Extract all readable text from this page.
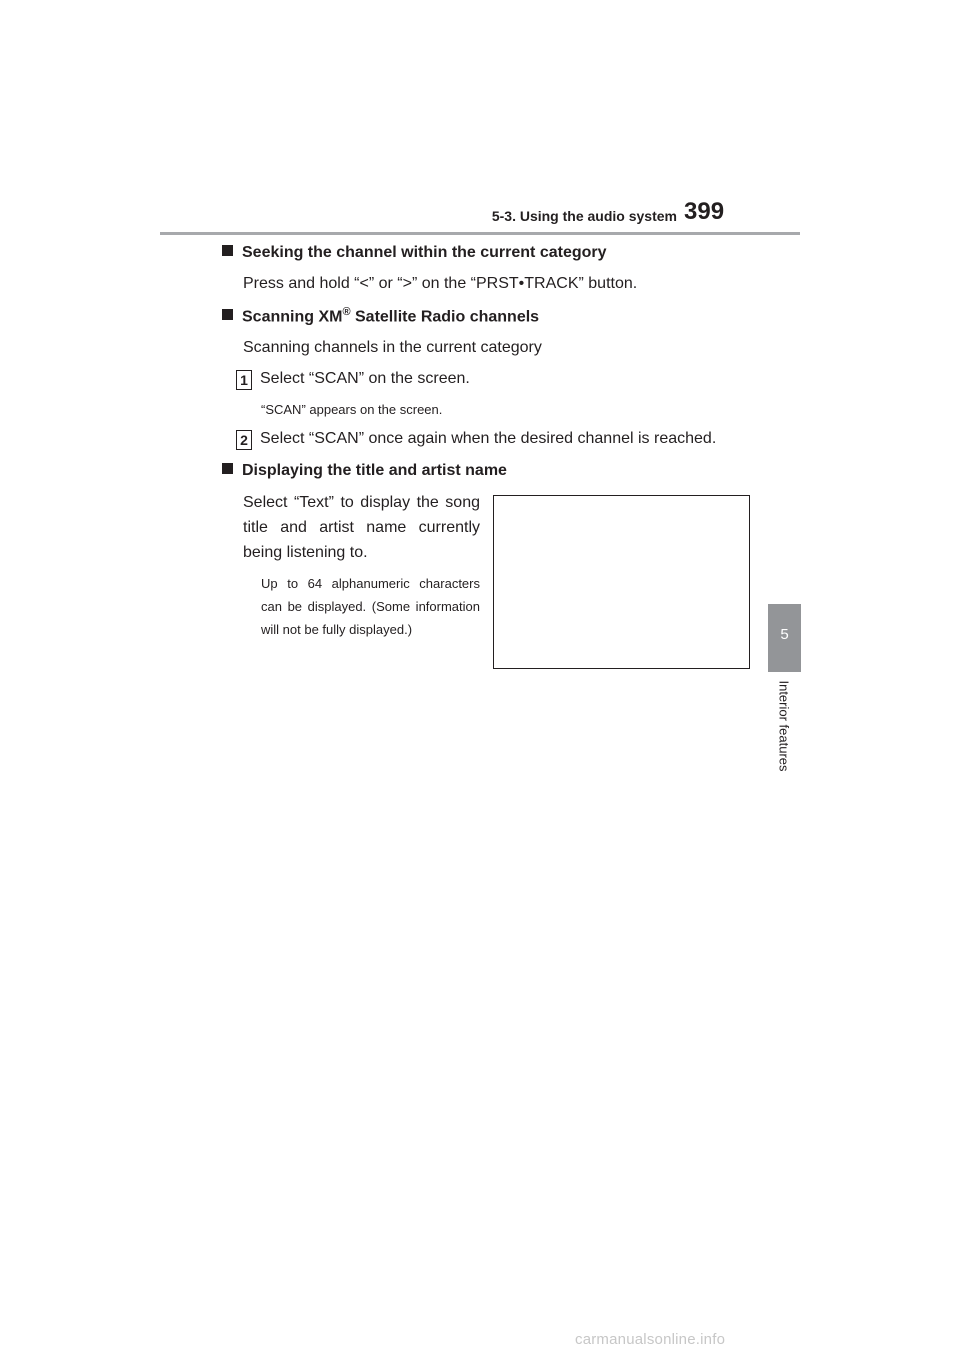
5-3. Using the audio system 399
5
Interior features
Seeking the channel within the current category
Press and hold “<” or “>” on the “PRST•TRACK” button.
Scanning XM® Satellite Radio channels
Scanning channels in the current category
1 Select “SCAN” on the screen.
“SCAN” appears on the screen.
2 Select “SCAN” once again when the desired channel is reached.
Displaying the title and artist name

Select “Text” to display the song title and artist name currently being listening to.

Up to 64 alphanumeric characters can be displayed. (Some information will not be fully displayed.)

carmanualsonline.info
